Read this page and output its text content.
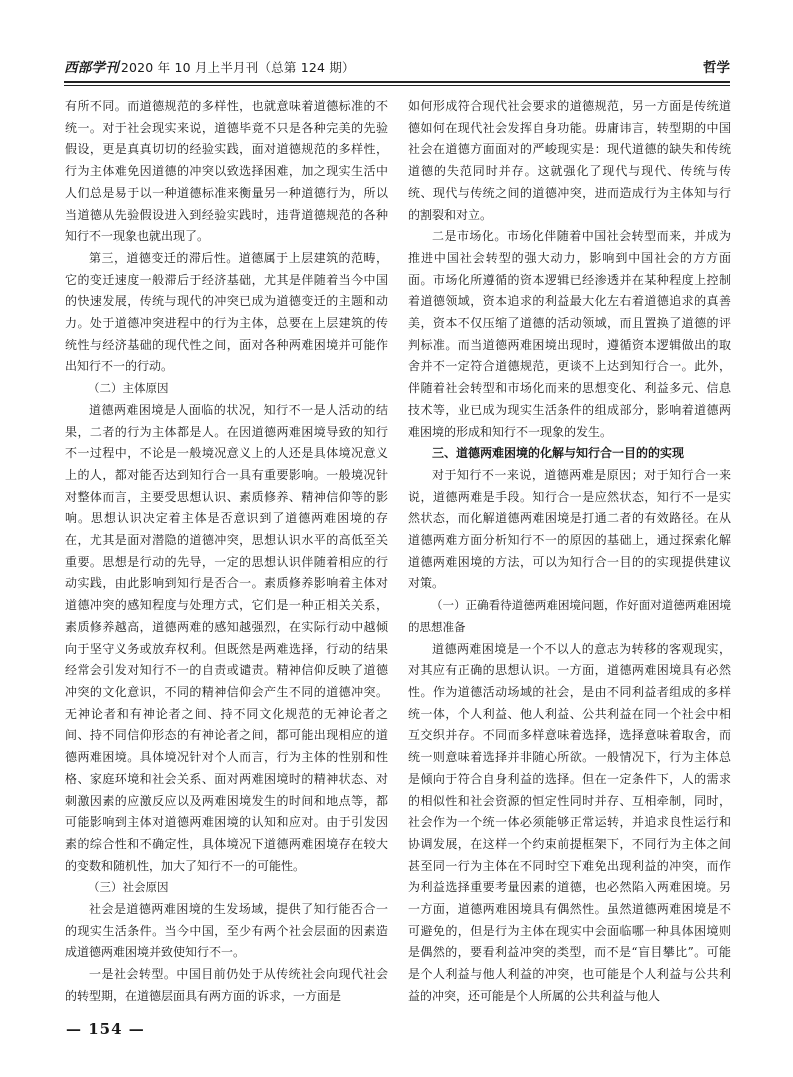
西部学刊 2020 年 10 月上半月刊（总第 124 期）	哲学

有所不同。而道德规范的多样性，也就意味着道德标准的不统一。对于社会现实来说，道德毕竟不只是各种完美的先验假设，更是真真切切的经验实践，面对道德规范的多样性，行为主体难免因道德的冲突以致选择困难，加之现实生活中人们总是易于以一种道德标准来衡量另一种道德行为，所以当道德从先验假设进入到经验实践时，违背道德规范的各种知行不一现象也就出现了。

第三，道德变迁的滞后性。道德属于上层建筑的范畴，它的变迁速度一般滞后于经济基础，尤其是伴随着当今中国的快速发展，传统与现代的冲突已成为道德变迁的主题和动力。处于道德冲突进程中的行为主体，总要在上层建筑的传统性与经济基础的现代性之间，面对各种两难困境并可能作出知行不一的行动。

（二）主体原因

道德两难困境是人面临的状况，知行不一是人活动的结果，二者的行为主体都是人。在因道德两难困境导致的知行不一过程中，不论是一般境况意义上的人还是具体境况意义上的人，都对能否达到知行合一具有重要影响。一般境况针对整体而言，主要受思想认识、素质修养、精神信仰等的影响。思想认识决定着主体是否意识到了道德两难困境的存在，尤其是面对潜隐的道德冲突，思想认识水平的高低至关重要。思想是行动的先导，一定的思想认识伴随着相应的行动实践，由此影响到知行是否合一。素质修养影响着主体对道德冲突的感知程度与处理方式，它们是一种正相关关系，素质修养越高，道德两难的感知越强烈，在实际行动中越倾向于坚守义务或放弃权利。但既然是两难选择，行动的结果经常会引发对知行不一的自责或谴责。精神信仰反映了道德冲突的文化意识，不同的精神信仰会产生不同的道德冲突。无神论者和有神论者之间、持不同文化规范的无神论者之间、持不同信仰形态的有神论者之间，都可能出现相应的道德两难困境。具体境况针对个人而言，行为主体的性别和性格、家庭环境和社会关系、面对两难困境时的精神状态、对刺激因素的应激反应以及两难困境发生的时间和地点等，都可能影响到主体对道德两难困境的认知和应对。由于引发因素的综合性和不确定性，具体境况下道德两难困境存在较大的变数和随机性，加大了知行不一的可能性。

（三）社会原因

社会是道德两难困境的生发场域，提供了知行能否合一的现实生活条件。当今中国，至少有两个社会层面的因素造成道德两难困境并致使知行不一。

一是社会转型。中国目前仍处于从传统社会向现代社会的转型期，在道德层面具有两方面的诉求，一方面是

如何形成符合现代社会要求的道德规范，另一方面是传统道德如何在现代社会发挥自身功能。毋庸讳言，转型期的中国社会在道德方面面对的严峻现实是：现代道德的缺失和传统道德的失范同时并存。这就强化了现代与现代、传统与传统、现代与传统之间的道德冲突，进而造成行为主体知与行的割裂和对立。

二是市场化。市场化伴随着中国社会转型而来，并成为推进中国社会转型的强大动力，影响到中国社会的方方面面。市场化所遵循的资本逻辑已经渗透并在某种程度上控制着道德领域，资本追求的利益最大化左右着道德追求的真善美，资本不仅压缩了道德的活动领域，而且置换了道德的评判标准。而当道德两难困境出现时，遵循资本逻辑做出的取舍并不一定符合道德规范，更谈不上达到知行合一。此外，伴随着社会转型和市场化而来的思想变化、利益多元、信息技术等，业已成为现实生活条件的组成部分，影响着道德两难困境的形成和知行不一现象的发生。

三、道德两难困境的化解与知行合一目的的实现

对于知行不一来说，道德两难是原因；对于知行合一来说，道德两难是手段。知行合一是应然状态，知行不一是实然状态，而化解道德两难困境是打通二者的有效路径。在从道德两难方面分析知行不一的原因的基础上，通过探索化解道德两难困境的方法，可以为知行合一目的的实现提供建议对策。

（一）正确看待道德两难困境问题，作好面对道德两难困境的思想准备

道德两难困境是一个不以人的意志为转移的客观现实，对其应有正确的思想认识。一方面，道德两难困境具有必然性。作为道德活动场域的社会，是由不同利益者组成的多样统一体，个人利益、他人利益、公共利益在同一个社会中相互交织并存。不同而多样意味着选择，选择意味着取舍，而统一则意味着选择并非随心所欲。一般情况下，行为主体总是倾向于符合自身利益的选择。但在一定条件下，人的需求的相似性和社会资源的恒定性同时并存、互相牵制，同时，社会作为一个统一体必须能够正常运转，并追求良性运行和协调发展，在这样一个约束前提框架下，不同行为主体之间甚至同一行为主体在不同时空下难免出现利益的冲突，而作为利益选择重要考量因素的道德，也必然陷入两难困境。另一方面，道德两难困境具有偶然性。虽然道德两难困境是不可避免的，但是行为主体在现实中会面临哪一种具体困境则是偶然的，要看利益冲突的类型，而不是“盲目攀比”。可能是个人利益与他人利益的冲突，也可能是个人利益与公共利益的冲突，还可能是个人所属的公共利益与他人

— 154 —
